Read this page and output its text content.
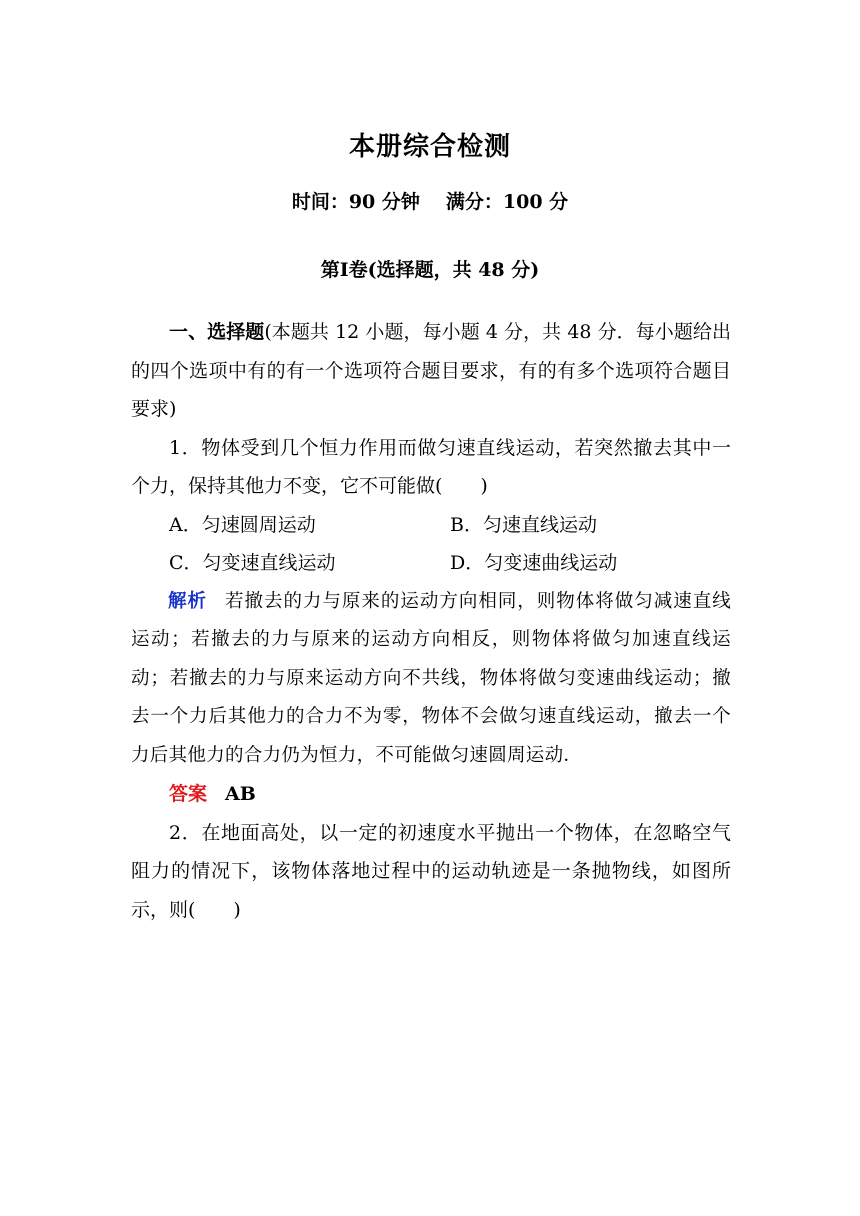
本册综合检测
时间：90 分钟 满分：100 分
第Ⅰ卷(选择题，共 48 分)

一、选择题(本题共 12 小题，每小题 4 分，共 48 分．每小题给出的四个选项中有的有一个选项符合题目要求，有的有多个选项符合题目要求)

1．物体受到几个恒力作用而做匀速直线运动，若突然撤去其中一个力，保持其他力不变，它不可能做(　　)

A．匀速圆周运动	B．匀速直线运动
C．匀变速直线运动	D．匀变速曲线运动

解析 若撤去的力与原来的运动方向相同，则物体将做匀减速直线运动；若撤去的力与原来的运动方向相反，则物体将做匀加速直线运动；若撤去的力与原来运动方向不共线，物体将做匀变速曲线运动；撤去一个力后其他力的合力不为零，物体不会做匀速直线运动，撤去一个力后其他力的合力仍为恒力，不可能做匀速圆周运动．

答案 AB

2．在地面高处，以一定的初速度水平抛出一个物体，在忽略空气阻力的情况下，该物体落地过程中的运动轨迹是一条抛物线，如图所示，则(　　)
